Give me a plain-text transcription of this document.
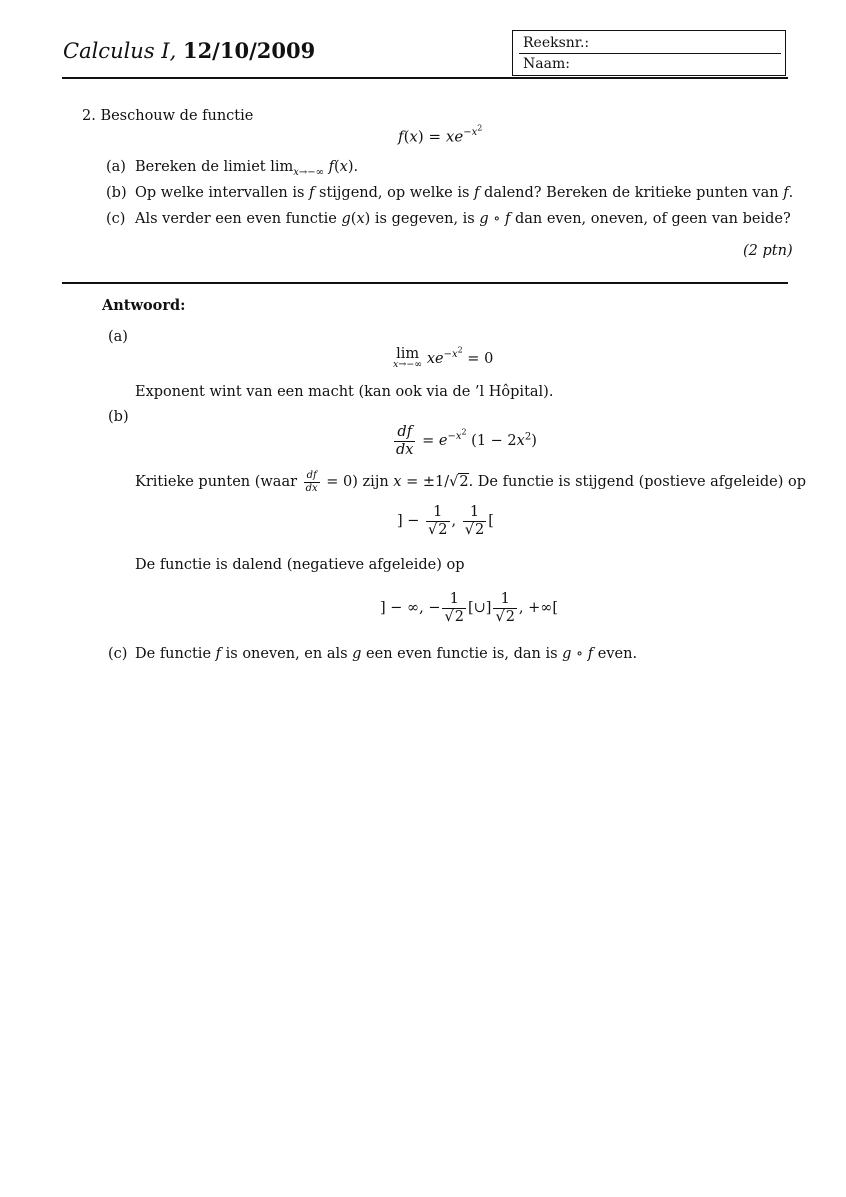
Calculus I, 12/10/2009	Reeksnr.:
Naam:
2. Beschouw de functie
$f(x) = xe^{-x^2}$
(a) Bereken de limiet $\lim_{x\to-\infty} f(x)$.
(b) Op welke intervallen is f stijgend, op welke is f dalend? Bereken de kritieke punten van f.
(c) Als verder een even functie g(x) is gegeven, is g ∘ f dan even, oneven, of geen van beide?
(2 ptn)
Antwoord:
(a)
lim
x→−∞ $xe^{-x^2} = 0$
Exponent wint van een macht (kan ook via de ’l Hôpital).
(b)
$\frac{df}{dx} = e^{-x^2}$ $(1 - 2x^2)$
Kritieke punten (waar $\frac{df}{dx} = 0$) zijn x = ±1/√2. De functie is stijgend (postieve afgeleide) op
] − $\frac{1}{√2}$ , $\frac{1}{√2}$ [
De functie is dalend (negatieve afgeleide) op
] − ∞, − $\frac{1}{√2}$ [∪] $\frac{1}{√2}$ , +∞[
(c) De functie f is oneven, en als g een even functie is, dan is g ∘ f even.
